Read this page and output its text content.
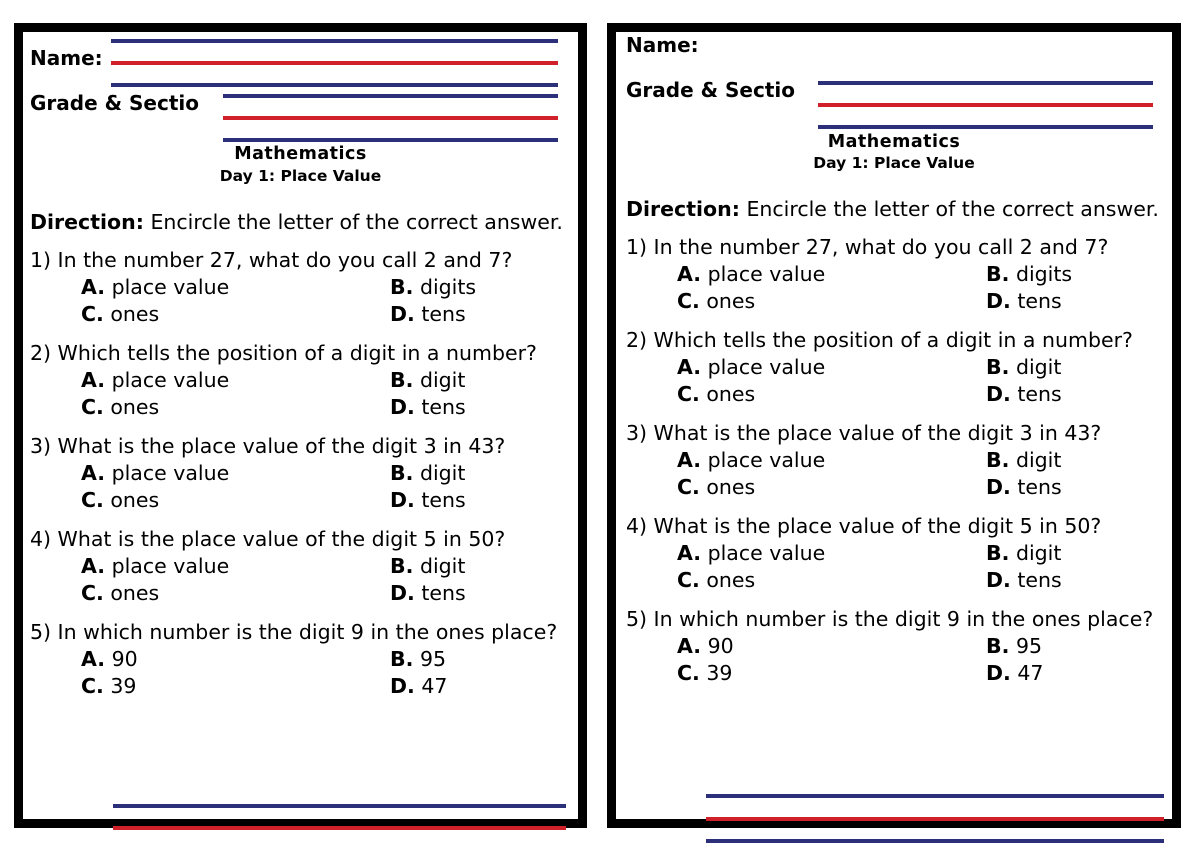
Name:
Grade & Sectio
Mathematics
Day 1: Place Value
Direction: Encircle the letter of the correct answer.
1) In the number 27, what do you call 2 and 7?
A. place value	B. digits
C. ones	D. tens
2) Which tells the position of a digit in a number?
A. place value	B. digit
C. ones	D. tens
3) What is the place value of the digit 3 in 43?
A. place value	B. digit
C. ones	D. tens
4) What is the place value of the digit 5 in 50?
A. place value	B. digit
C. ones	D. tens
5) In which number is the digit 9 in the ones place?
A. 90	B. 95
C. 39	D. 47
Name:
Grade & Sectio
Mathematics
Day 1: Place Value
Direction: Encircle the letter of the correct answer.
1) In the number 27, what do you call 2 and 7?
A. place value	B. digits
C. ones	D. tens
2) Which tells the position of a digit in a number?
A. place value	B. digit
C. ones	D. tens
3) What is the place value of the digit 3 in 43?
A. place value	B. digit
C. ones	D. tens
4) What is the place value of the digit 5 in 50?
A. place value	B. digit
C. ones	D. tens
5) In which number is the digit 9 in the ones place?
A. 90	B. 95
C. 39	D. 47
